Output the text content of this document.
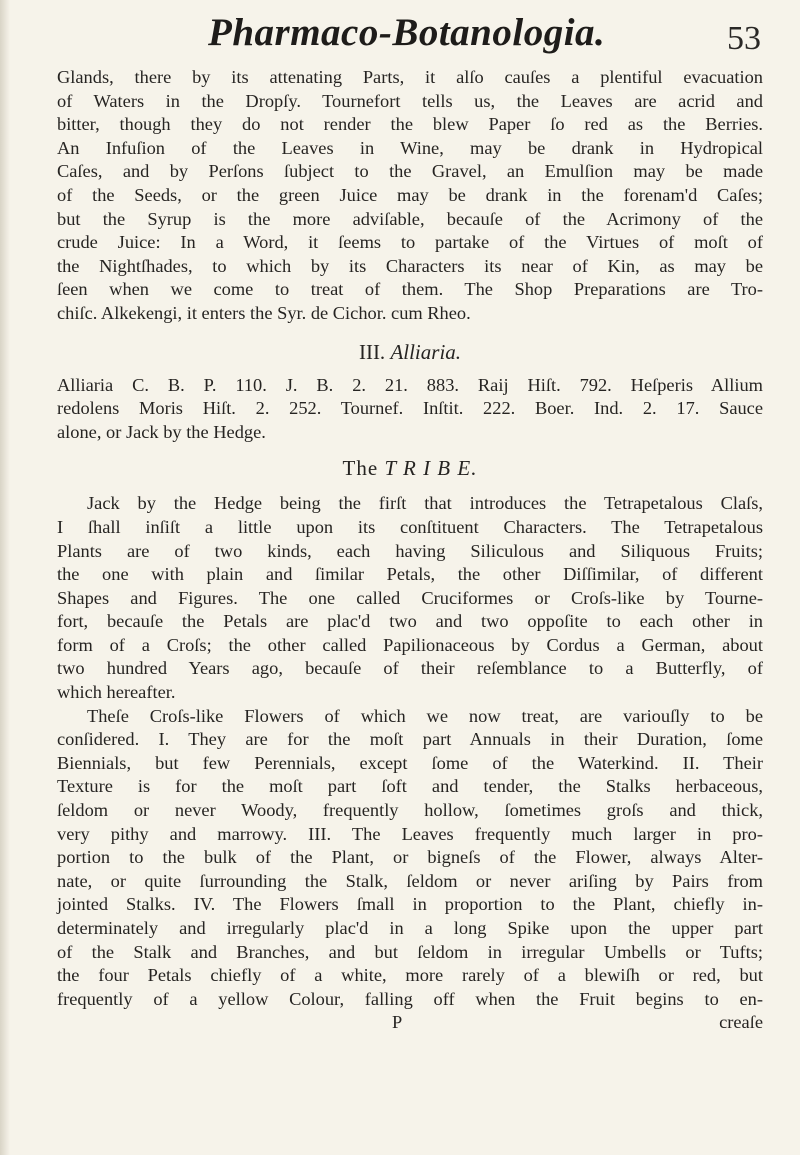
Pharmaco-Botanologia.	53
Glands, there by its attenating Parts, it alſo cauſes a plentiful evacuation
of Waters in the Dropſy. Tournefort tells us, the Leaves are acrid and
bitter, though they do not render the blew Paper ſo red as the Berries.
An Infuſion of the Leaves in Wine, may be drank in Hydropical
Caſes, and by Perſons ſubject to the Gravel, an Emulſion may be made
of the Seeds, or the green Juice may be drank in the forenam'd Caſes;
but the Syrup is the more adviſable, becauſe of the Acrimony of the
crude Juice: In a Word, it ſeems to partake of the Virtues of moſt of
the Nightſhades, to which by its Characters its near of Kin, as may be
ſeen when we come to treat of them. The Shop Preparations are Tro-
chiſc. Alkekengi, it enters the Syr. de Cichor. cum Rheo.
III. Alliaria.
Alliaria C. B. P. 110. J. B. 2. 21. 883. Raij Hiſt. 792. Heſperis Allium
redolens Moris Hiſt. 2. 252. Tournef. Inſtit. 222. Boer. Ind. 2. 17. Sauce
alone, or Jack by the Hedge.
The T R I B E.
Jack by the Hedge being the firſt that introduces the Tetrapetalous Claſs,
I ſhall inſiſt a little upon its conſtituent Characters. The Tetrapetalous
Plants are of two kinds, each having Siliculous and Siliquous Fruits;
the one with plain and ſimilar Petals, the other Diſſimilar, of different
Shapes and Figures. The one called Cruciformes or Croſs-like by Tourne-
fort, becauſe the Petals are plac'd two and two oppoſite to each other in
form of a Croſs; the other called Papilionaceous by Cordus a German, about
two hundred Years ago, becauſe of their reſemblance to a Butterfly, of
which hereafter.
Theſe Croſs-like Flowers of which we now treat, are variouſly to be
conſidered. I. They are for the moſt part Annuals in their Duration, ſome
Biennials, but few Perennials, except ſome of the Waterkind. II. Their
Texture is for the moſt part ſoft and tender, the Stalks herbaceous,
ſeldom or never Woody, frequently hollow, ſometimes groſs and thick,
very pithy and marrowy. III. The Leaves frequently much larger in pro-
portion to the bulk of the Plant, or bigneſs of the Flower, always Alter-
nate, or quite ſurrounding the Stalk, ſeldom or never ariſing by Pairs from
jointed Stalks. IV. The Flowers ſmall in proportion to the Plant, chiefly in-
determinately and irregularly plac'd in a long Spike upon the upper part
of the Stalk and Branches, and but ſeldom in irregular Umbells or Tufts;
the four Petals chiefly of a white, more rarely of a blewiſh or red, but
frequently of a yellow Colour, falling off when the Fruit begins to en-
P	creaſe
